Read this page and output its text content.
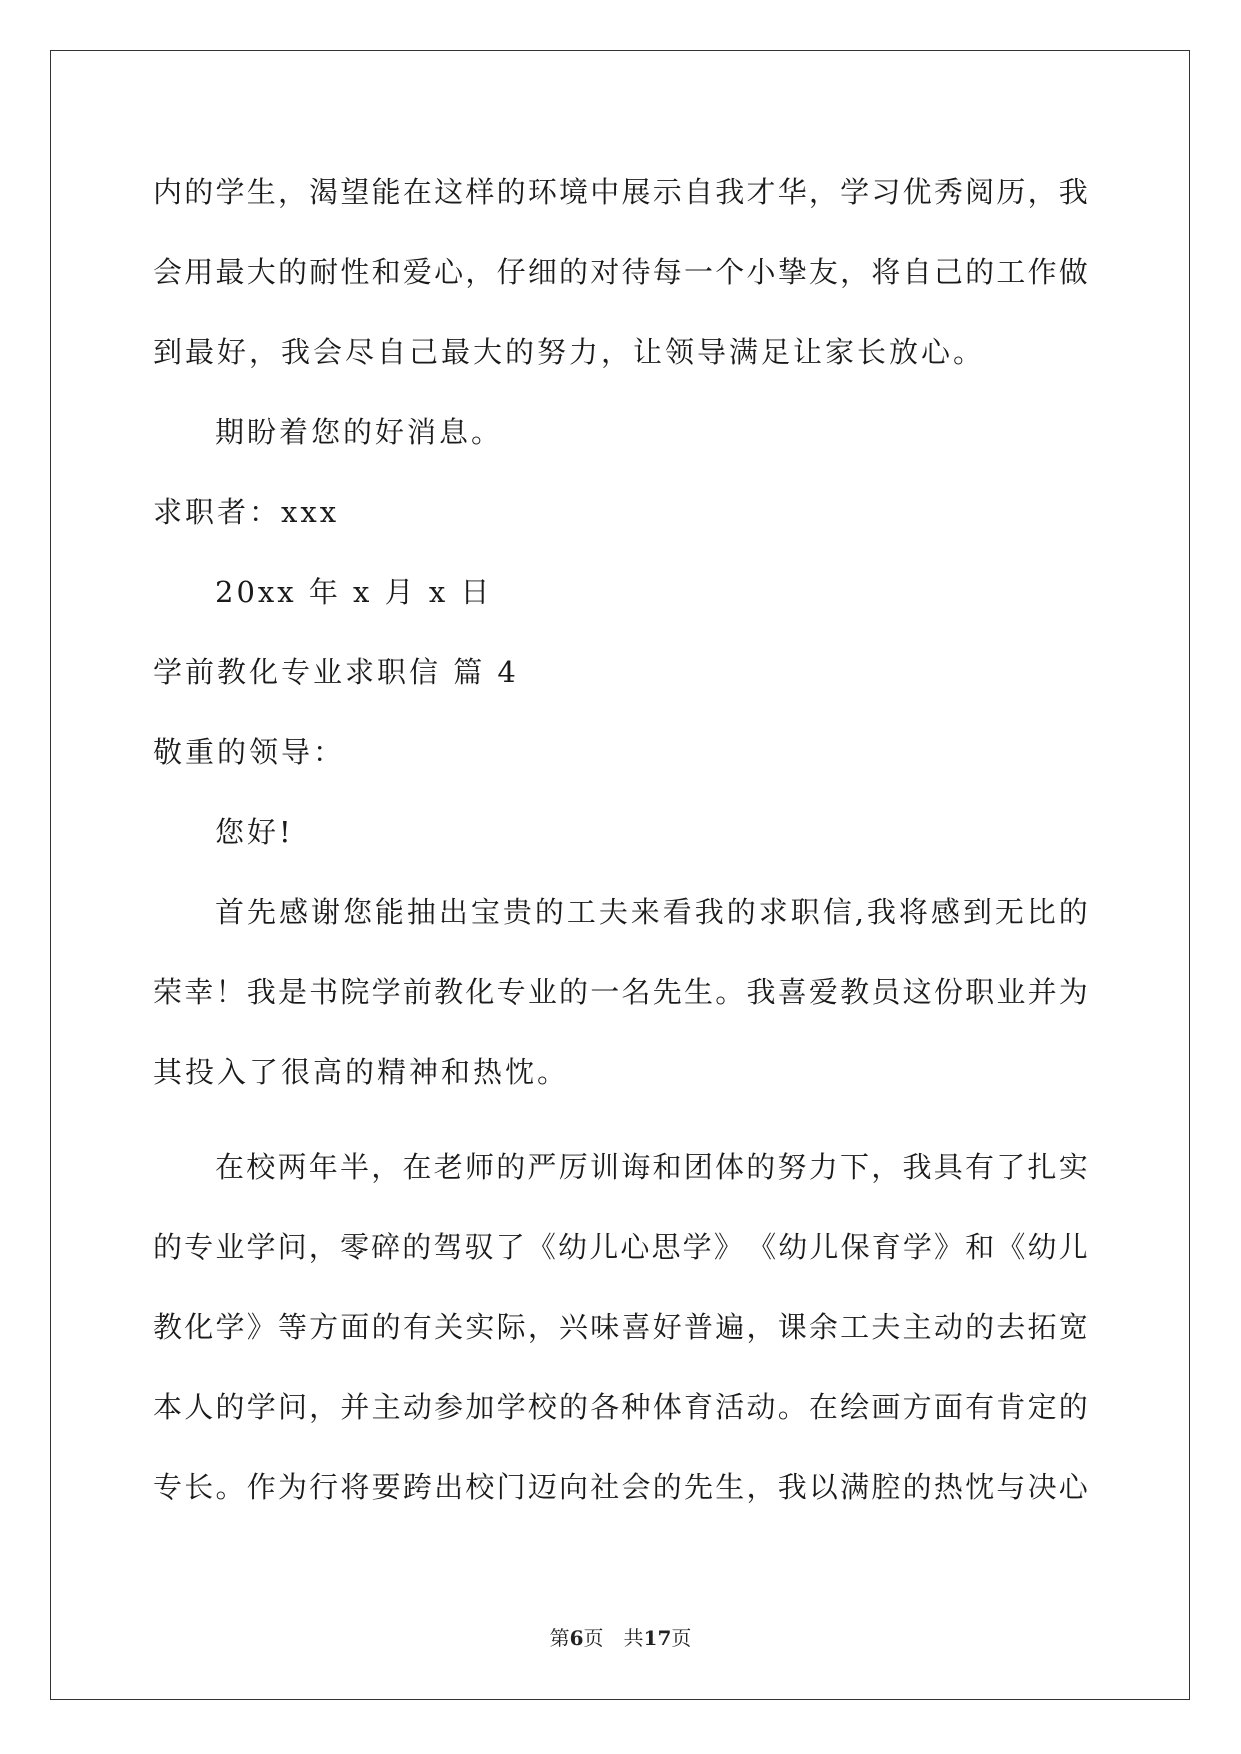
内 的 学 生 ， 渴 望 能 在 这 样 的 环 境 中 展 示 自 我 才 华 ， 学 习 优 秀 阅 历 ， 我
会 用 最 大 的 耐 性 和 爱 心 ， 仔 细 的 对 待 每 一 个 小 挚 友 ， 将 自 己 的 工 作 做
到最好，我会尽自己最大的努力，让领导满足让家长放心。
期盼着您的好消息。
求职者：xxx
20xx 年 x 月 x 日
学前教化专业求职信 篇 4
敬重的领导：
您好!
首 先 感 谢 您 能 抽 出 宝 贵 的 工 夫 来 看 我 的 求 职 信 , 我 将 感 到 无 比 的
荣 幸 ！ 我 是 书 院 学 前 教 化 专 业 的 一 名 先 生 。 我 喜 爱 教 员 这 份 职 业 并 为
其投入了很高的精神和热忱。
在 校 两 年 半 ， 在 老 师 的 严 厉 训 诲 和 团 体 的 努 力 下 ， 我 具 有 了 扎 实
的 专 业 学 问 ， 零 碎 的 驾 驭 了 《 幼 儿 心 思 学 》 《 幼 儿 保 育 学 》 和 《 幼 儿
教 化 学 》 等 方 面 的 有 关 实 际 ， 兴 味 喜 好 普 遍 ， 课 余 工 夫 主 动 的 去 拓 宽
本 人 的 学 问 ， 并 主 动 参 加 学 校 的 各 种 体 育 活 动 。 在 绘 画 方 面 有 肯 定 的
专 长 。 作 为 行 将 要 跨 出 校 门 迈 向 社 会 的 先 生 ， 我 以 满 腔 的 热 忱 与 决 心
第6页　共17页
